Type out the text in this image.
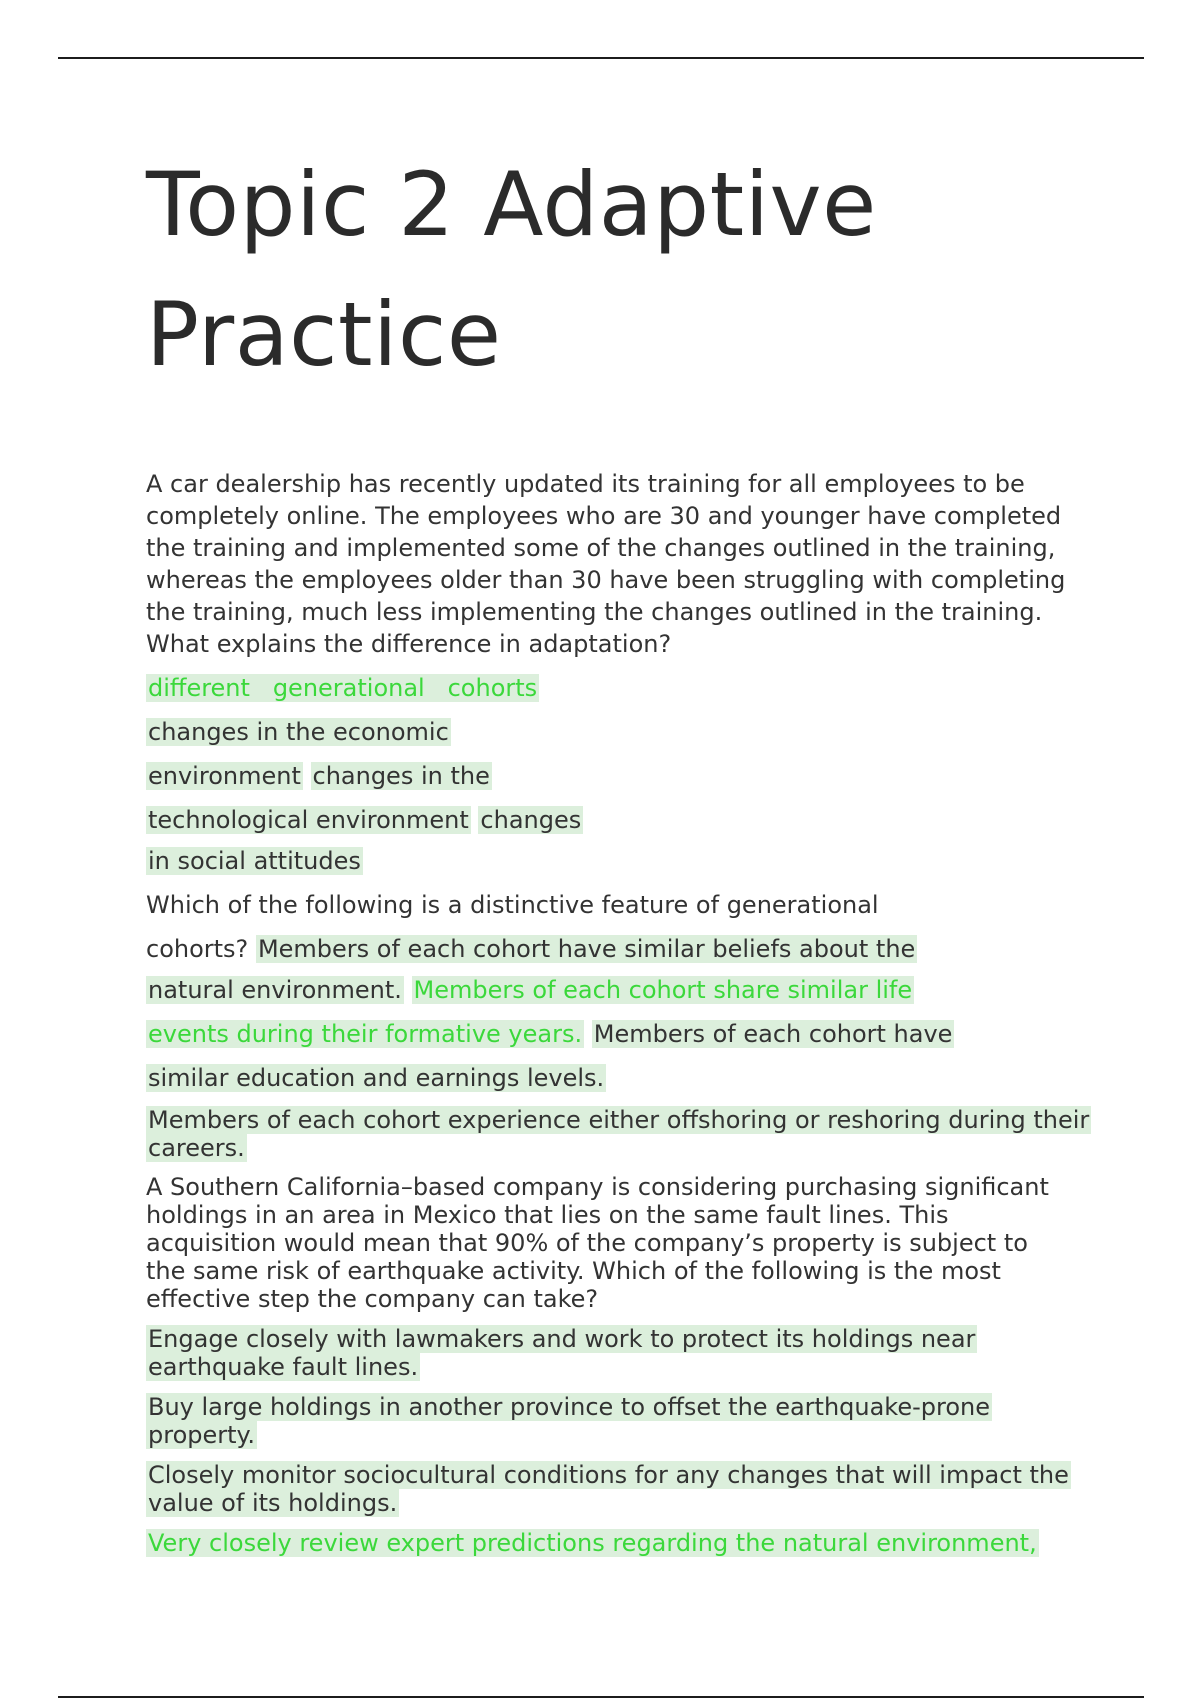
Topic 2 Adaptive
Practice
A car dealership has recently updated its training for all employees to be
completely online. The employees who are 30 and younger have completed
the training and implemented some of the changes outlined in the training,
whereas the employees older than 30 have been struggling with completing
the training, much less implementing the changes outlined in the training.
What explains the difference in adaptation?
different   generational   cohorts
changes in the economic
environment changes in the
technological environment changes
in social attitudes
Which of the following is a distinctive feature of generational
cohorts? Members of each cohort have similar beliefs about the
natural environment. Members of each cohort share similar life
events during their formative years. Members of each cohort have
similar education and earnings levels.
Members of each cohort experience either offshoring or reshoring during their
careers.
A Southern California–based company is considering purchasing significant
holdings in an area in Mexico that lies on the same fault lines. This
acquisition would mean that 90% of the company’s property is subject to
the same risk of earthquake activity. Which of the following is the most
effective step the company can take?
Engage closely with lawmakers and work to protect its holdings near
earthquake fault lines.
Buy large holdings in another province to offset the earthquake-prone
property.
Closely monitor sociocultural conditions for any changes that will impact the
value of its holdings.
Very closely review expert predictions regarding the natural environment,
